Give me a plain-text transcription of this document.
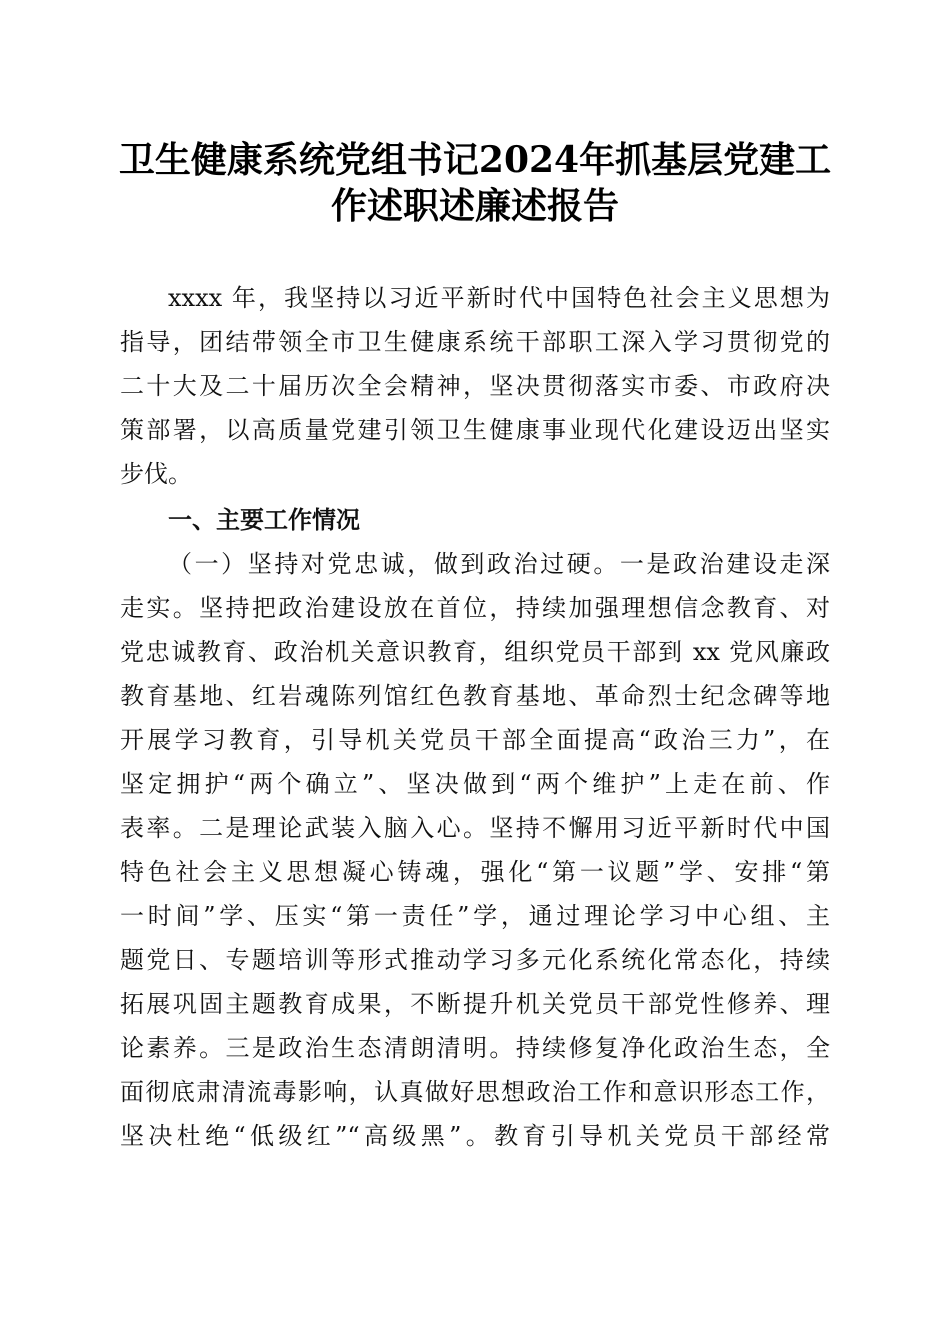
卫生健康系统党组书记2024年抓基层党建工
作述职述廉述报告
xxxx 年，我坚持以习近平新时代中国特色社会主义思想为
指导，团结带领全市卫生健康系统干部职工深入学习贯彻党的
二十大及二十届历次全会精神，坚决贯彻落实市委、市政府决
策部署，以高质量党建引领卫生健康事业现代化建设迈出坚实
步伐。
一、主要工作情况
（一）坚持对党忠诚，做到政治过硬。一是政治建设走深
走实。坚持把政治建设放在首位，持续加强理想信念教育、对
党忠诚教育、政治机关意识教育，组织党员干部到 xx 党风廉政
教育基地、红岩魂陈列馆红色教育基地、革命烈士纪念碑等地
开展学习教育，引导机关党员干部全面提高“政治三力”，在
坚定拥护“两个确立”、坚决做到“两个维护”上走在前、作
表率。二是理论武装入脑入心。坚持不懈用习近平新时代中国
特色社会主义思想凝心铸魂，强化“第一议题”学、安排“第
一时间”学、压实“第一责任”学，通过理论学习中心组、主
题党日、专题培训等形式推动学习多元化系统化常态化，持续
拓展巩固主题教育成果，不断提升机关党员干部党性修养、理
论素养。三是政治生态清朗清明。持续修复净化政治生态，全
面彻底肃清流毒影响，认真做好思想政治工作和意识形态工作，
坚决杜绝“低级红”“高级黑”。教育引导机关党员干部经常
